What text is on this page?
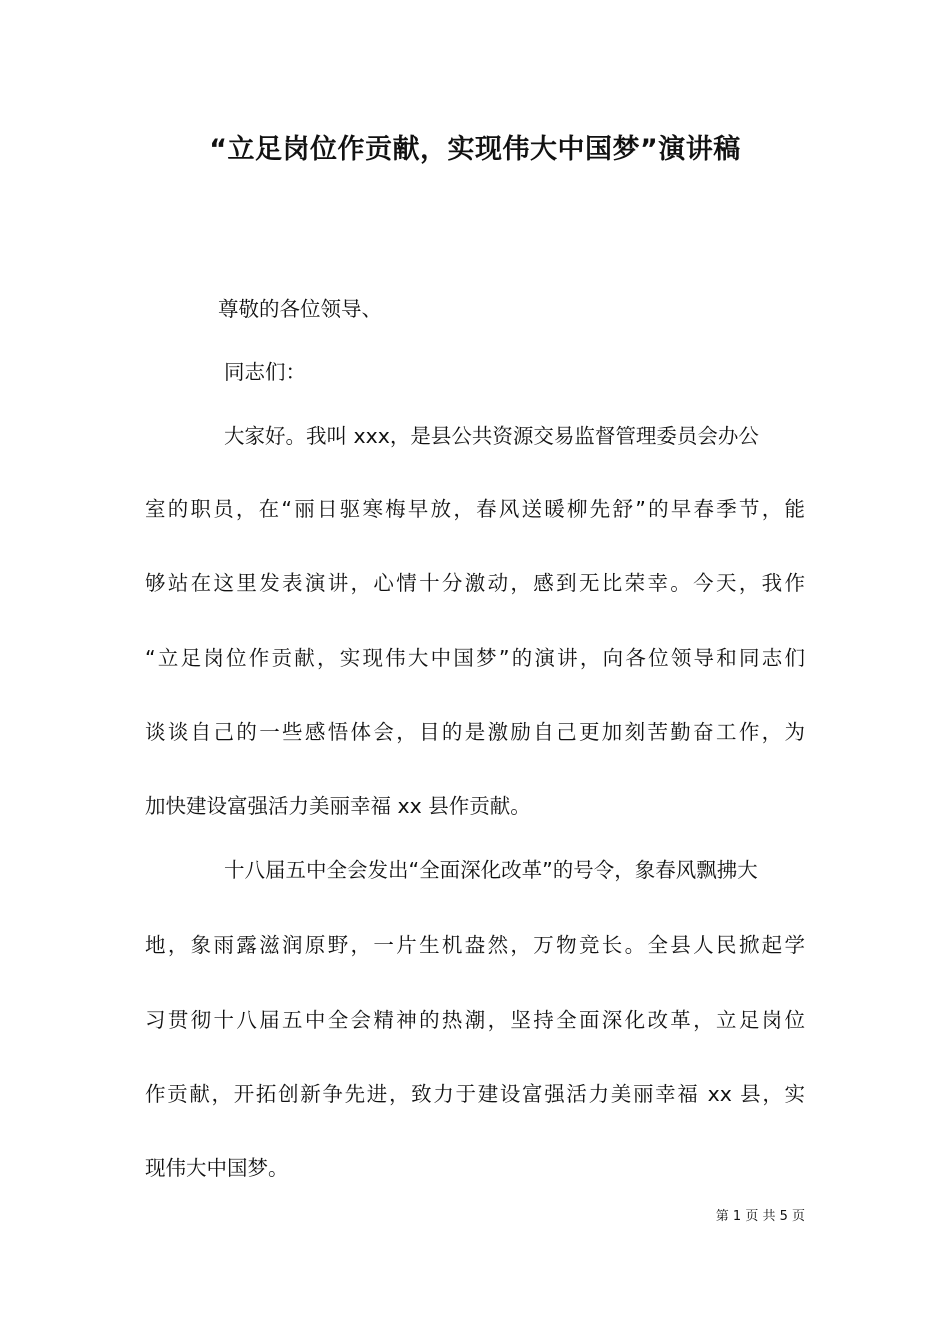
“立足岗位作贡献，实现伟大中国梦”演讲稿
尊敬的各位领导、
同志们：
大家好。我叫 xxx，是县公共资源交易监督管理委员会办公
室的职员，在“丽日驱寒梅早放，春风送暖柳先舒”的早春季节，能
够站在这里发表演讲，心情十分激动，感到无比荣幸。今天，我作
“立足岗位作贡献，实现伟大中国梦”的演讲，向各位领导和同志们
谈谈自己的一些感悟体会，目的是激励自己更加刻苦勤奋工作，为
加快建设富强活力美丽幸福 xx 县作贡献。
十八届五中全会发出“全面深化改革”的号令，象春风飘拂大
地，象雨露滋润原野，一片生机盎然，万物竞长。全县人民掀起学
习贯彻十八届五中全会精神的热潮，坚持全面深化改革，立足岗位
作贡献，开拓创新争先进，致力于建设富强活力美丽幸福 xx 县，实
现伟大中国梦。
第 1 页 共 5 页
